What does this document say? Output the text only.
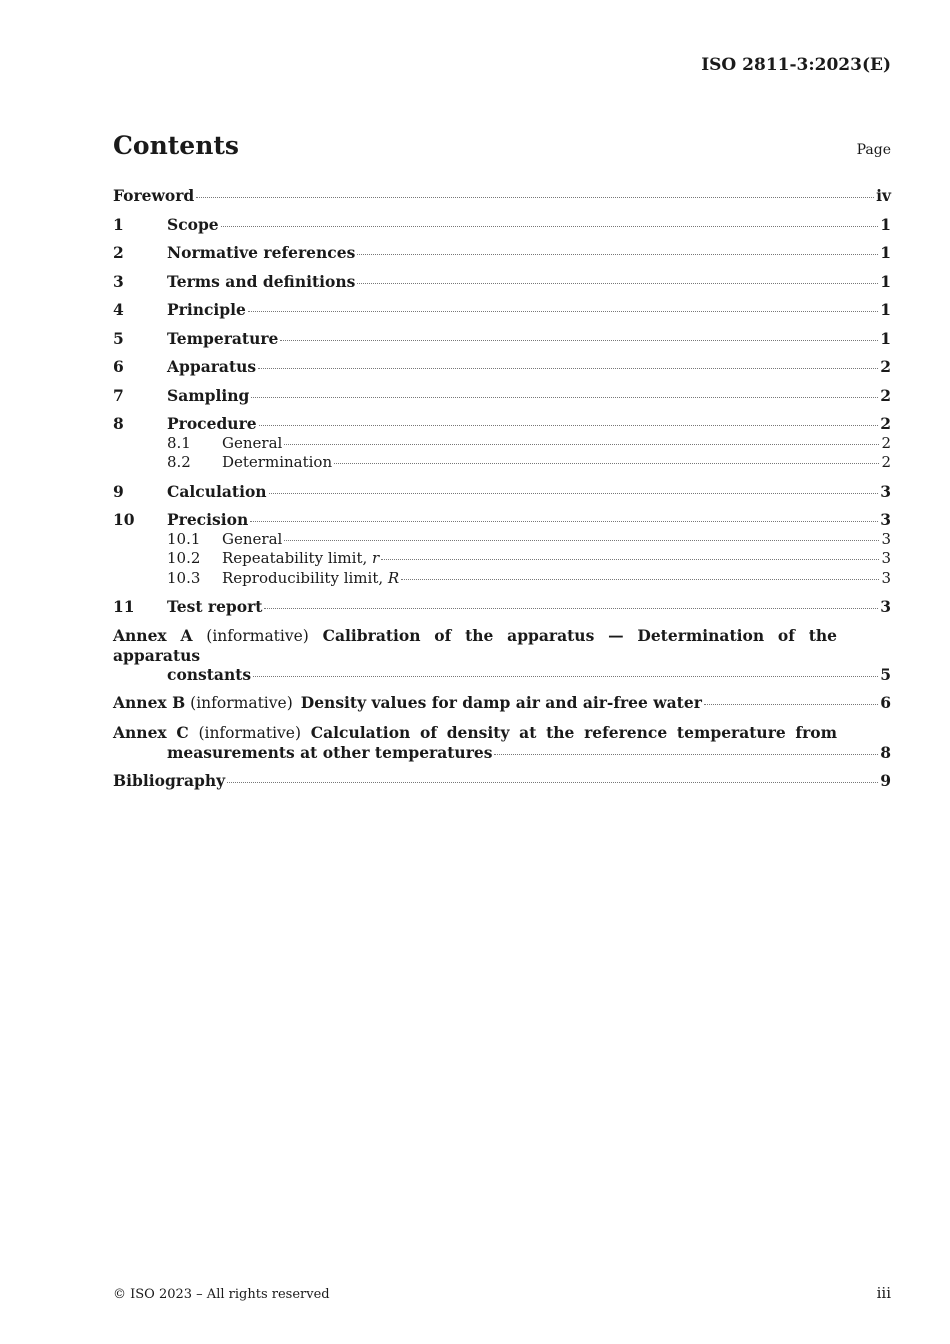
ISO 2811-3:2023(E)
Contents	Page
Foreword	iv
1	Scope	1
2	Normative references	1
3	Terms and definitions	1
4	Principle	1
5	Temperature	1
6	Apparatus	2
7	Sampling	2
8	Procedure	2
8.1	General	2
8.2	Determination	2
9	Calculation	3
10	Precision	3
10.1	General	3
10.2	Repeatability limit, r	3
10.3	Reproducibility limit, R	3
11	Test report	3
Annex A (informative) Calibration of the apparatus — Determination of the apparatus
constants	5
Annex B (informative) Density values for damp air and air-free water	6
Annex C (informative) Calculation of density at the reference temperature from
measurements at other temperatures	8
Bibliography	9
© ISO 2023 – All rights reserved	iii
